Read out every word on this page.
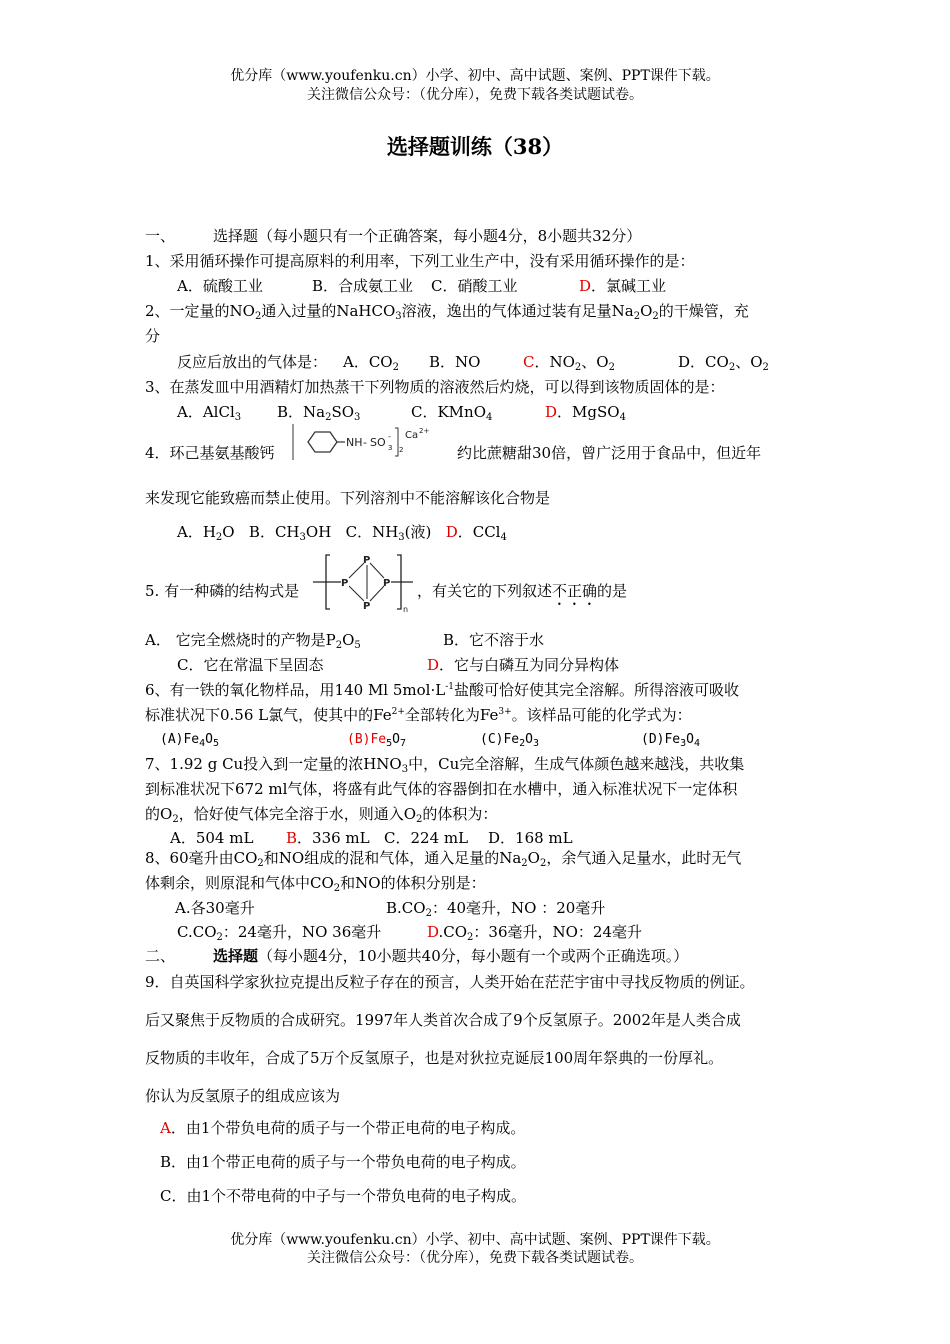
优分库（www.youfenku.cn）小学、初中、高中试题、案例、PPT课件下载。
关注微信公众号：（优分库），免费下载各类试题试卷。
选择题训练（38）
一、	选择题（每小题只有一个正确答案，每小题4分，8小题共32分）
1、采用循环操作可提高原料的利用率，下列工业生产中，没有采用循环操作的是：
A．硫酸工业	B．合成氨工业 C．硝酸工业	D．氯碱工业
2、一定量的$NO_2$通入过量的NaHCO$_3$溶液，逸出的气体通过装有足量$Na_2O_2$的干燥管，充
分
反应后放出的气体是： A．$CO_2$ B．NO	C．$NO_2$、$O_2$	D．$CO_2$、$O_2$
3、在蒸发皿中用酒精灯加热蒸干下列物质的溶液然后灼烧，可以得到该物质固体的是：
A．AlCl$_3$ B．$Na_2SO_3$	C．KMnO$_4$	D．MgSO$_4$
4．环己基氨基酸钙
NH - SO 3
-
2
Ca 2+
约比蔗糖甜30倍，曾广泛用于食品中，但近年
来发现它能致癌而禁止使用。下列溶剂中不能溶解该化合物是
A．$H_2O$ B．$CH_3OH$ C．$NH_3$(液) D．CCl$_4$
5. 有一种磷的结构式是	P
P
P
P
n
，有关它的下列叙述不正确的是
A． 它完全燃烧时的产物是$P_2O_5$	B．它不溶于水
C．它在常温下呈固态	D．它与白磷互为同分异构体
6、有一铁的氧化物样品，用140 Ml $5mol\cdot L^{-1}$盐酸可恰好使其完全溶解。所得溶液可吸收
标准状况下0.56 L氯气，使其中的$Fe^{2+}$全部转化为$Fe^{3+}$。该样品可能的化学式为：
$(A)Fe_4O_5$	$(B)Fe_5O_7$	$(C)Fe_2O_3$	$(D)Fe_3O_4$
7、1.92 g Cu投入到一定量的浓$HNO_3$中，Cu完全溶解，生成气体颜色越来越浅，共收集
到标准状况下672 ml气体，将盛有此气体的容器倒扣在水槽中，通入标准状况下一定体积
的$O_2$，恰好使气体完全溶于水，则通入$O_2$的体积为：
A．504 mL B．336 mL C．224 mL D．168 mL
8、60毫升由$CO_2$和NO组成的混和气体，通入足量的$Na_2O_2$，余气通入足量水，此时无气
体剩余，则原混和气体中$CO_2$和NO的体积分别是：
A.各30毫升	$B.CO_2$：40毫升，NO ：20毫升
$C.CO_2$：24毫升，NO 36毫升	$D.CO_2$：36毫升，NO：24毫升
二、	选择题（每小题4分，10小题共40分，每小题有一个或两个正确选项。）
9．自英国科学家狄拉克提出反粒子存在的预言，人类开始在茫茫宇宙中寻找反物质的例证。
后又聚焦于反物质的合成研究。1997年人类首次合成了9个反氢原子。2002年是人类合成
反物质的丰收年，合成了5万个反氢原子，也是对狄拉克诞辰100周年祭典的一份厚礼。
你认为反氢原子的组成应该为
A．由1个带负电荷的质子与一个带正电荷的电子构成。
B．由1个带正电荷的质子与一个带负电荷的电子构成。
C．由1个不带电荷的中子与一个带负电荷的电子构成。
优分库（www.youfenku.cn）小学、初中、高中试题、案例、PPT课件下载。
关注微信公众号：（优分库），免费下载各类试题试卷。
